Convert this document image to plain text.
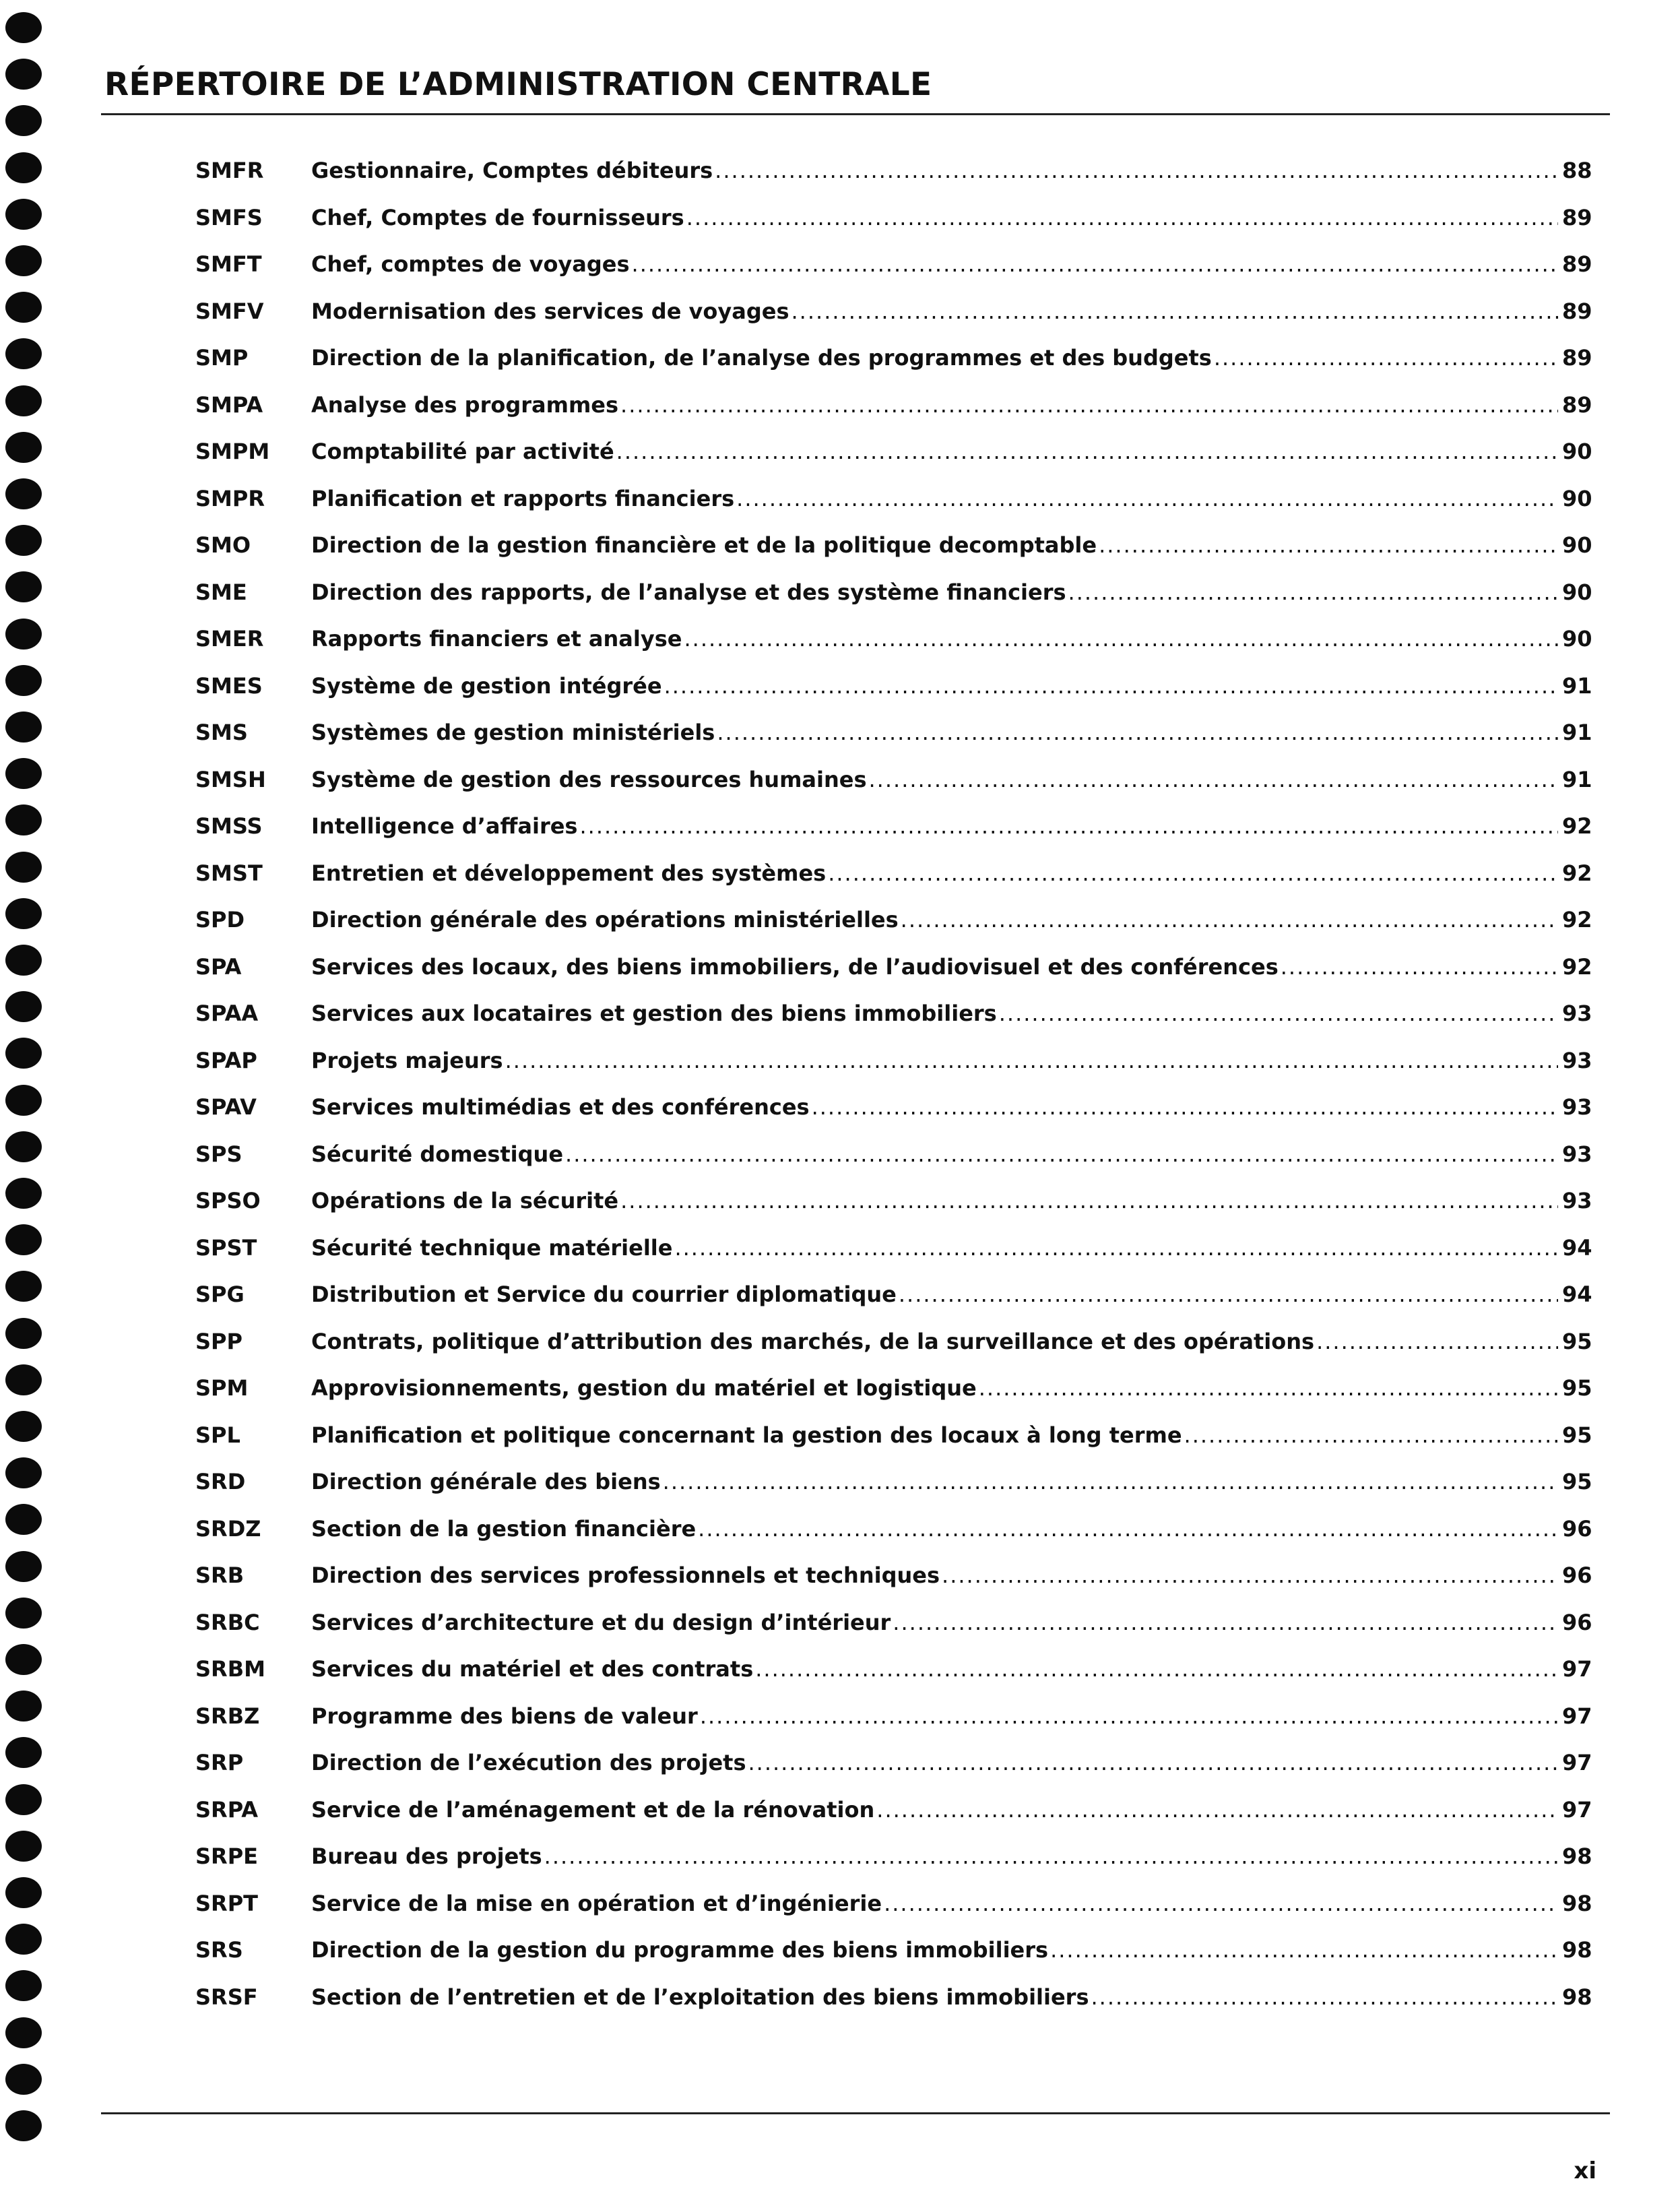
RÉPERTOIRE DE L’ADMINISTRATION CENTRALE
SMFR	Gestionnaire, Comptes débiteurs .....	88
SMFS	Chef, Comptes de fournisseurs .....	89
SMFT	Chef, comptes de voyages .....	89
SMFV	Modernisation des services de voyages .....	89
SMP	Direction de la planification, de l’analyse des programmes et des budgets .....	89
SMPA	Analyse des programmes .....	89
SMPM	Comptabilité par activité .....	90
SMPR	Planification et rapports financiers .....	90
SMO	Direction de la gestion financière et de la politique decomptable .....	90
SME	Direction des rapports, de l’analyse et des système financiers .....	90
SMER	Rapports financiers et analyse .....	90
SMES	Système de gestion intégrée .....	91
SMS	Systèmes de gestion ministériels .....	91
SMSH	Système de gestion des ressources humaines .....	91
SMSS	Intelligence d’affaires .....	92
SMST	Entretien et développement des systèmes .....	92
SPD	Direction générale des opérations ministérielles .....	92
SPA	Services des locaux, des biens immobiliers, de l’audiovisuel et des conférences .....	92
SPAA	Services aux locataires et gestion des biens immobiliers .....	93
SPAP	Projets majeurs .....	93
SPAV	Services multimédias et des conférences .....	93
SPS	Sécurité domestique .....	93
SPSO	Opérations de la sécurité .....	93
SPST	Sécurité technique matérielle .....	94
SPG	Distribution et Service du courrier diplomatique .....	94
SPP	Contrats, politique d’attribution des marchés, de la surveillance et des opérations .....	95
SPM	Approvisionnements, gestion du matériel et logistique .....	95
SPL	Planification et politique concernant la gestion des locaux à long terme .....	95
SRD	Direction générale des biens .....	95
SRDZ	Section de la gestion financière .....	96
SRB	Direction des services professionnels et techniques .....	96
SRBC	Services d’architecture et du design d’intérieur .....	96
SRBM	Services du matériel et des contrats .....	97
SRBZ	Programme des biens de valeur .....	97
SRP	Direction de l’exécution des projets .....	97
SRPA	Service de l’aménagement et de la rénovation .....	97
SRPE	Bureau des projets .....	98
SRPT	Service de la mise en opération et d’ingénierie .....	98
SRS	Direction de la gestion du programme des biens immobiliers .....	98
SRSF	Section de l’entretien et de l’exploitation des biens immobiliers .....	98
xi
